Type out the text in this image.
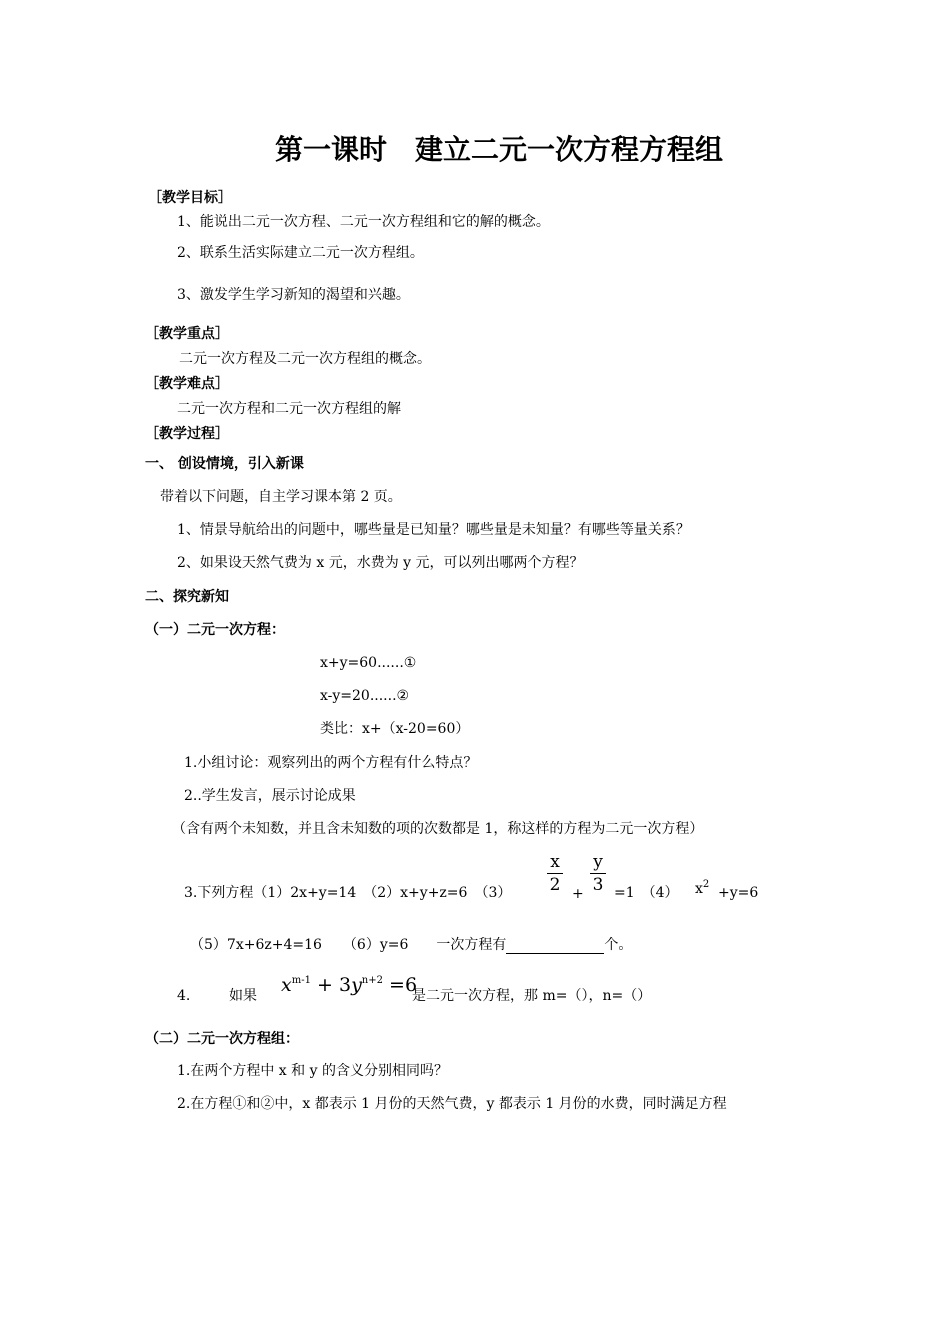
第一课时　建立二元一次方程方程组
［教学目标］
1、能说出二元一次方程、二元一次方程组和它的解的概念。
2、联系生活实际建立二元一次方程组。
3、激发学生学习新知的渴望和兴趣。
［教学重点］
二元一次方程及二元一次方程组的概念。
［教学难点］
二元一次方程和二元一次方程组的解
［教学过程］
一、 创设情境，引入新课
带着以下问题，自主学习课本第 2 页。
1、情景导航给出的问题中，哪些量是已知量？哪些量是未知量？有哪些等量关系？
2、如果设天然气费为 x 元，水费为 y 元，可以列出哪两个方程？
二、探究新知
（一）二元一次方程：
x+y=60......①
x-y=20......②
类比：x+（x-20=60）
1.小组讨论：观察列出的两个方程有什么特点？
2..学生发言，展示讨论成果
（含有两个未知数，并且含未知数的项的次数都是 1，称这样的方程为二元一次方程）
3.下列方程（1）2x+y=14　（2）x+y+z=6　（3）
x
2 +
y
3 =1　（4） $x^2$
+y=6
（5）7x+6z+4=16　　（6）y=6　　一次方程有	个。
4.	如果 $x^{m-1} + 3y^{n+2} =6$
是二元一次方程，那 m=（），n=（）
（二）二元一次方程组：
1.在两个方程中 x 和 y 的含义分别相同吗？
2.在方程①和②中，x 都表示 1 月份的天然气费，y 都表示 1 月份的水费，同时满足方程
